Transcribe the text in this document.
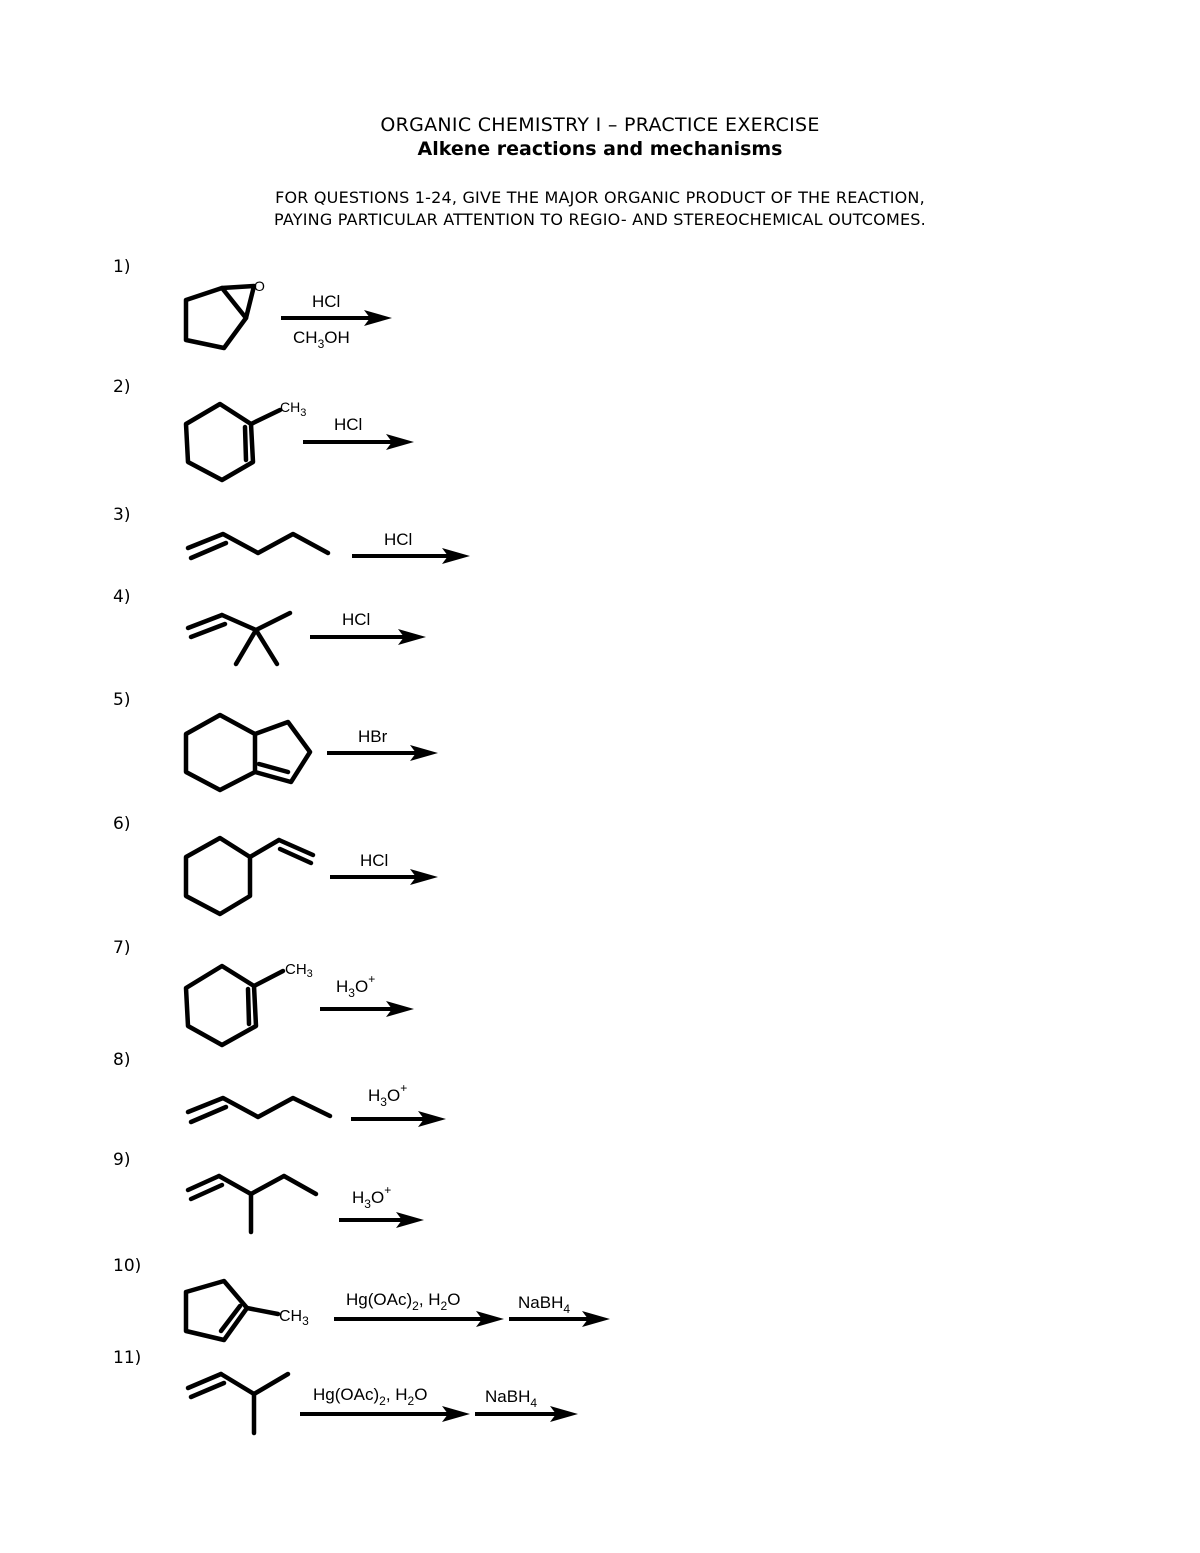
ORGANIC CHEMISTRY I – PRACTICE EXERCISE
Alkene reactions and mechanisms
FOR QUESTIONS 1-24, GIVE THE MAJOR ORGANIC PRODUCT OF THE REACTION,
PAYING PARTICULAR ATTENTION TO REGIO- AND STEREOCHEMICAL OUTCOMES.
1)
2)
3)
4)
5)
6)
7)
8)
9)
10)
11)
O
HCl
$CH_3OH$
$CH_3$
HCl
HCl
HCl
HBr
HCl
$CH_3$
$H_3O^+$
$H_3O^+$
$H_3O^+$
$CH_3$
$Hg(OAc)_2$, $H_2O$	NaBH$_4$
$Hg(OAc)_2$, $H_2O$	NaBH$_4$
